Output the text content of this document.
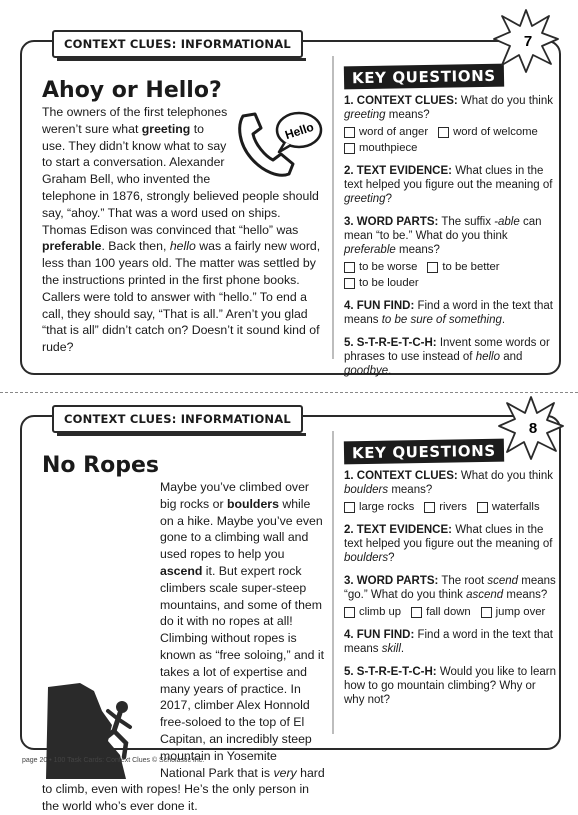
CONTEXT CLUES: INFORMATIONAL
Ahoy or Hello?
Hello

The owners of the first telephones weren’t sure what greeting to use. They didn’t know what to say to start a conversation. Alexander Graham Bell, who invented the telephone in 1876, strongly believed people should say, “ahoy.” That was a word used on ships. Thomas Edison was convinced that “hello” was preferable. Back then, hello was a fairly new word, less than 100 years old. The matter was settled by the instructions printed in the first phone books. Callers were told to answer with “hello.” To end a call, they should say, “That is all.” Aren’t you glad “that is all” didn’t catch on? Doesn’t it sound kind of rude?

KEY QUESTIONS
1. CONTEXT CLUES: What do you think greeting means?
word of anger word of welcome
mouthpiece
2. TEXT EVIDENCE: What clues in the text helped you figure out the meaning of greeting?
3. WORD PARTS: The suffix -able can mean “to be.” What do you think preferable means?
to be worse to be better
to be louder
4. FUN FIND: Find a word in the text that means to be sure of something.
5. S-T-R-E-T-C-H: Invent some words or phrases to use instead of hello and goodbye.
7
CONTEXT CLUES: INFORMATIONAL
No Ropes

Maybe you’ve climbed over big rocks or boulders while on a hike. Maybe you’ve even gone to a climbing wall and used ropes to help you ascend it. But expert rock climbers scale super-steep mountains, and some of them do it with no ropes at all! Climbing without ropes is known as “free soloing,” and it takes a lot of expertise and many years of practice. In 2017, climber Alex Honnold free-soloed to the top of El Capitan, an incredibly steep mountain in Yosemite National Park that is very hard to climb, even with ropes! He’s the only person in the world who’s ever done it.

KEY QUESTIONS
1. CONTEXT CLUES: What do you think boulders means?
large rocks rivers waterfalls
2. TEXT EVIDENCE: What clues in the text helped you figure out the meaning of boulders?
3. WORD PARTS: The root scend means “go.” What do you think ascend means?
climb up fall down jump over
4. FUN FIND: Find a word in the text that means skill.
5. S-T-R-E-T-C-H: Would you like to learn how to go mountain climbing? Why or why not?
8
page 20 • 100 Task Cards: Context Clues © Scholastic Inc.
